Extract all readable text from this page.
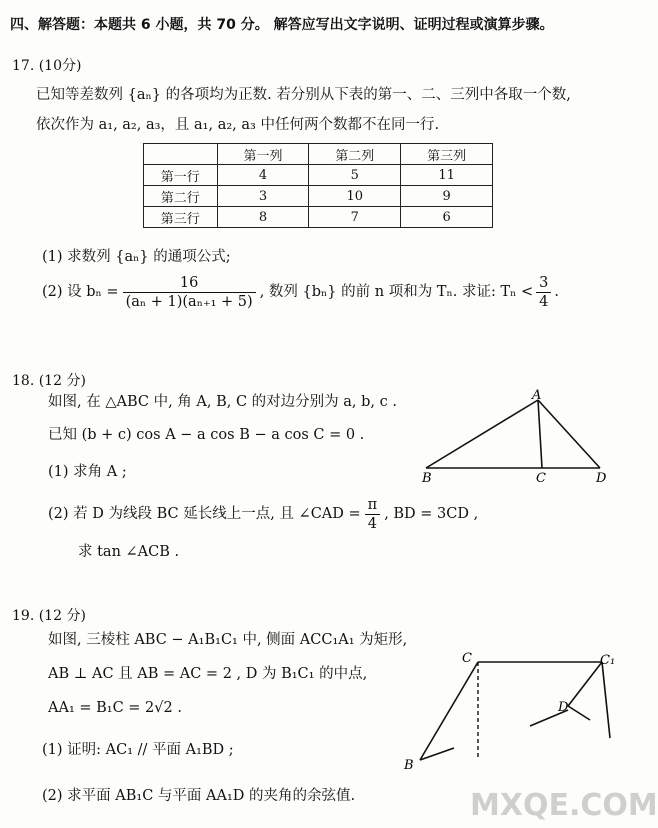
四、解答题：本题共 6 小题，共 70 分。 解答应写出文字说明、证明过程或演算步骤。
17. (10分)
已知等差数列 {aₙ} 的各项均为正数. 若分别从下表的第一、二、三列中各取一个数,
依次作为 a₁, a₂, a₃，且 a₁, a₂, a₃ 中任何两个数都不在同一行.
	第一列	第二列	第三列
第一行	4	5	11
第二行	3	10	9
第三行	8	7	6
(1) 求数列 {aₙ} 的通项公式;
(2) 设 $b_n = \frac{16}{\text{(aₙ + 1)(aₙ₊₁ + 5)}}$ , 数列 {bₙ} 的前 n 项和为 Tₙ. 求证: $T_n < \frac{3}{4}$ .
18. (12 分)
如图, 在 △ABC 中, 角 A, B, C 的对边分别为 a, b, c .
已知 (b + c) cos A − a cos B − a cos C = 0 .
(1) 求角 A ;
(2) 若 D 为线段 BC 延长线上一点, 且 ∠CAD = $\frac{\pi}{4}$ , BD = 3CD ,
求 tan ∠ACB .
A
B	C	D
19. (12 分)
如图, 三棱柱 ABC − A₁B₁C₁ 中, 侧面 ACC₁A₁ 为矩形,
AB ⊥ AC 且 AB = AC = 2 , D 为 B₁C₁ 的中点,
AA₁ = B₁C = 2√2 .
(1) 证明: AC₁ // 平面 A₁BD ;
(2) 求平面 AB₁C 与平面 AA₁D 的夹角的余弦值.
C	C₁
D
B
MXQE.COM
